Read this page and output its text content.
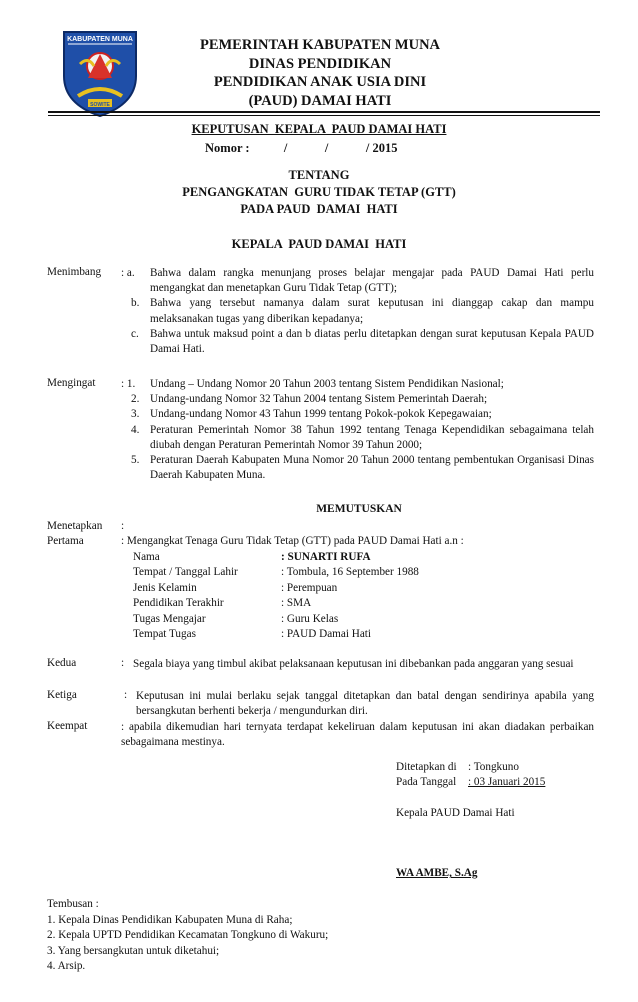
KABUPATEN MUNA
SOWITE
PEMERINTAH KABUPATEN MUNA
DINAS PENDIDIKAN
PENDIDIKAN ANAK USIA DINI
(PAUD) DAMAI HATI
KEPUTUSAN  KEPALA  PAUD DAMAI HATI
Nomor :           /            /            / 2015
TENTANG
PENGANGKATAN  GURU TIDAK TETAP (GTT)
PADA PAUD  DAMAI  HATI
KEPALA  PAUD DAMAI  HATI
Menimbang : a.	Bahwa dalam rangka menunjang proses belajar mengajar pada PAUD Damai Hati perlu mengangkat dan menetapkan Guru Tidak Tetap (GTT);
b. Bahwa yang tersebut namanya dalam surat keputusan ini dianggap cakap dan mampu melaksanakan tugas yang diberikan kepadanya;
c.	Bahwa untuk maksud point a dan b diatas perlu ditetapkan dengan surat keputusan Kepala PAUD Damai Hati.
Mengingat : 1.	Undang – Undang Nomor 20 Tahun 2003 tentang Sistem Pendidikan Nasional;
2. Undang-undang Nomor 32 Tahun 2004 tentang Sistem Pemerintah Daerah;
3. Undang-undang Nomor 43 Tahun 1999 tentang Pokok-pokok Kepegawaian;
4. Peraturan Pemerintah Nomor 38 Tahun 1992 tentang Tenaga Kependidikan sebagaimana telah diubah dengan Peraturan Pemerintah Nomor 39 Tahun 2000;
5. Peraturan Daerah Kabupaten Muna Nomor 20 Tahun 2000 tentang pembentukan Organisasi Dinas Daerah Kabupaten Muna.
MEMUTUSKAN
Menetapkan :
Pertama	: Mengangkat Tenaga Guru Tidak Tetap (GTT) pada PAUD Damai Hati a.n :
Nama	: SUNARTI RUFA
Tempat / Tanggal Lahir	: Tombula, 16 September 1988
Jenis Kelamin	: Perempuan
Pendidikan Terakhir	: SMA
Tugas Mengajar	: Guru Kelas
Tempat Tugas	: PAUD Damai Hati
Kedua	: Segala biaya yang timbul akibat pelaksanaan keputusan ini dibebankan pada anggaran yang sesuai
Ketiga	: Keputusan ini mulai berlaku sejak tanggal ditetapkan dan batal dengan sendirinya apabila yang bersangkutan berhenti bekerja / mengundurkan diri.
Keempat	: apabila dikemudian hari ternyata terdapat kekeliruan dalam keputusan ini akan diadakan perbaikan sebagaimana mestinya.
Ditetapkan di : Tongkuno
Pada Tanggal : 03 Januari 2015
Kepala PAUD Damai Hati
WA AMBE, S.Ag
Tembusan :
1. Kepala Dinas Pendidikan Kabupaten Muna di Raha;
2. Kepala UPTD Pendidikan Kecamatan Tongkuno di Wakuru;
3. Yang bersangkutan untuk diketahui;
4. Arsip.
